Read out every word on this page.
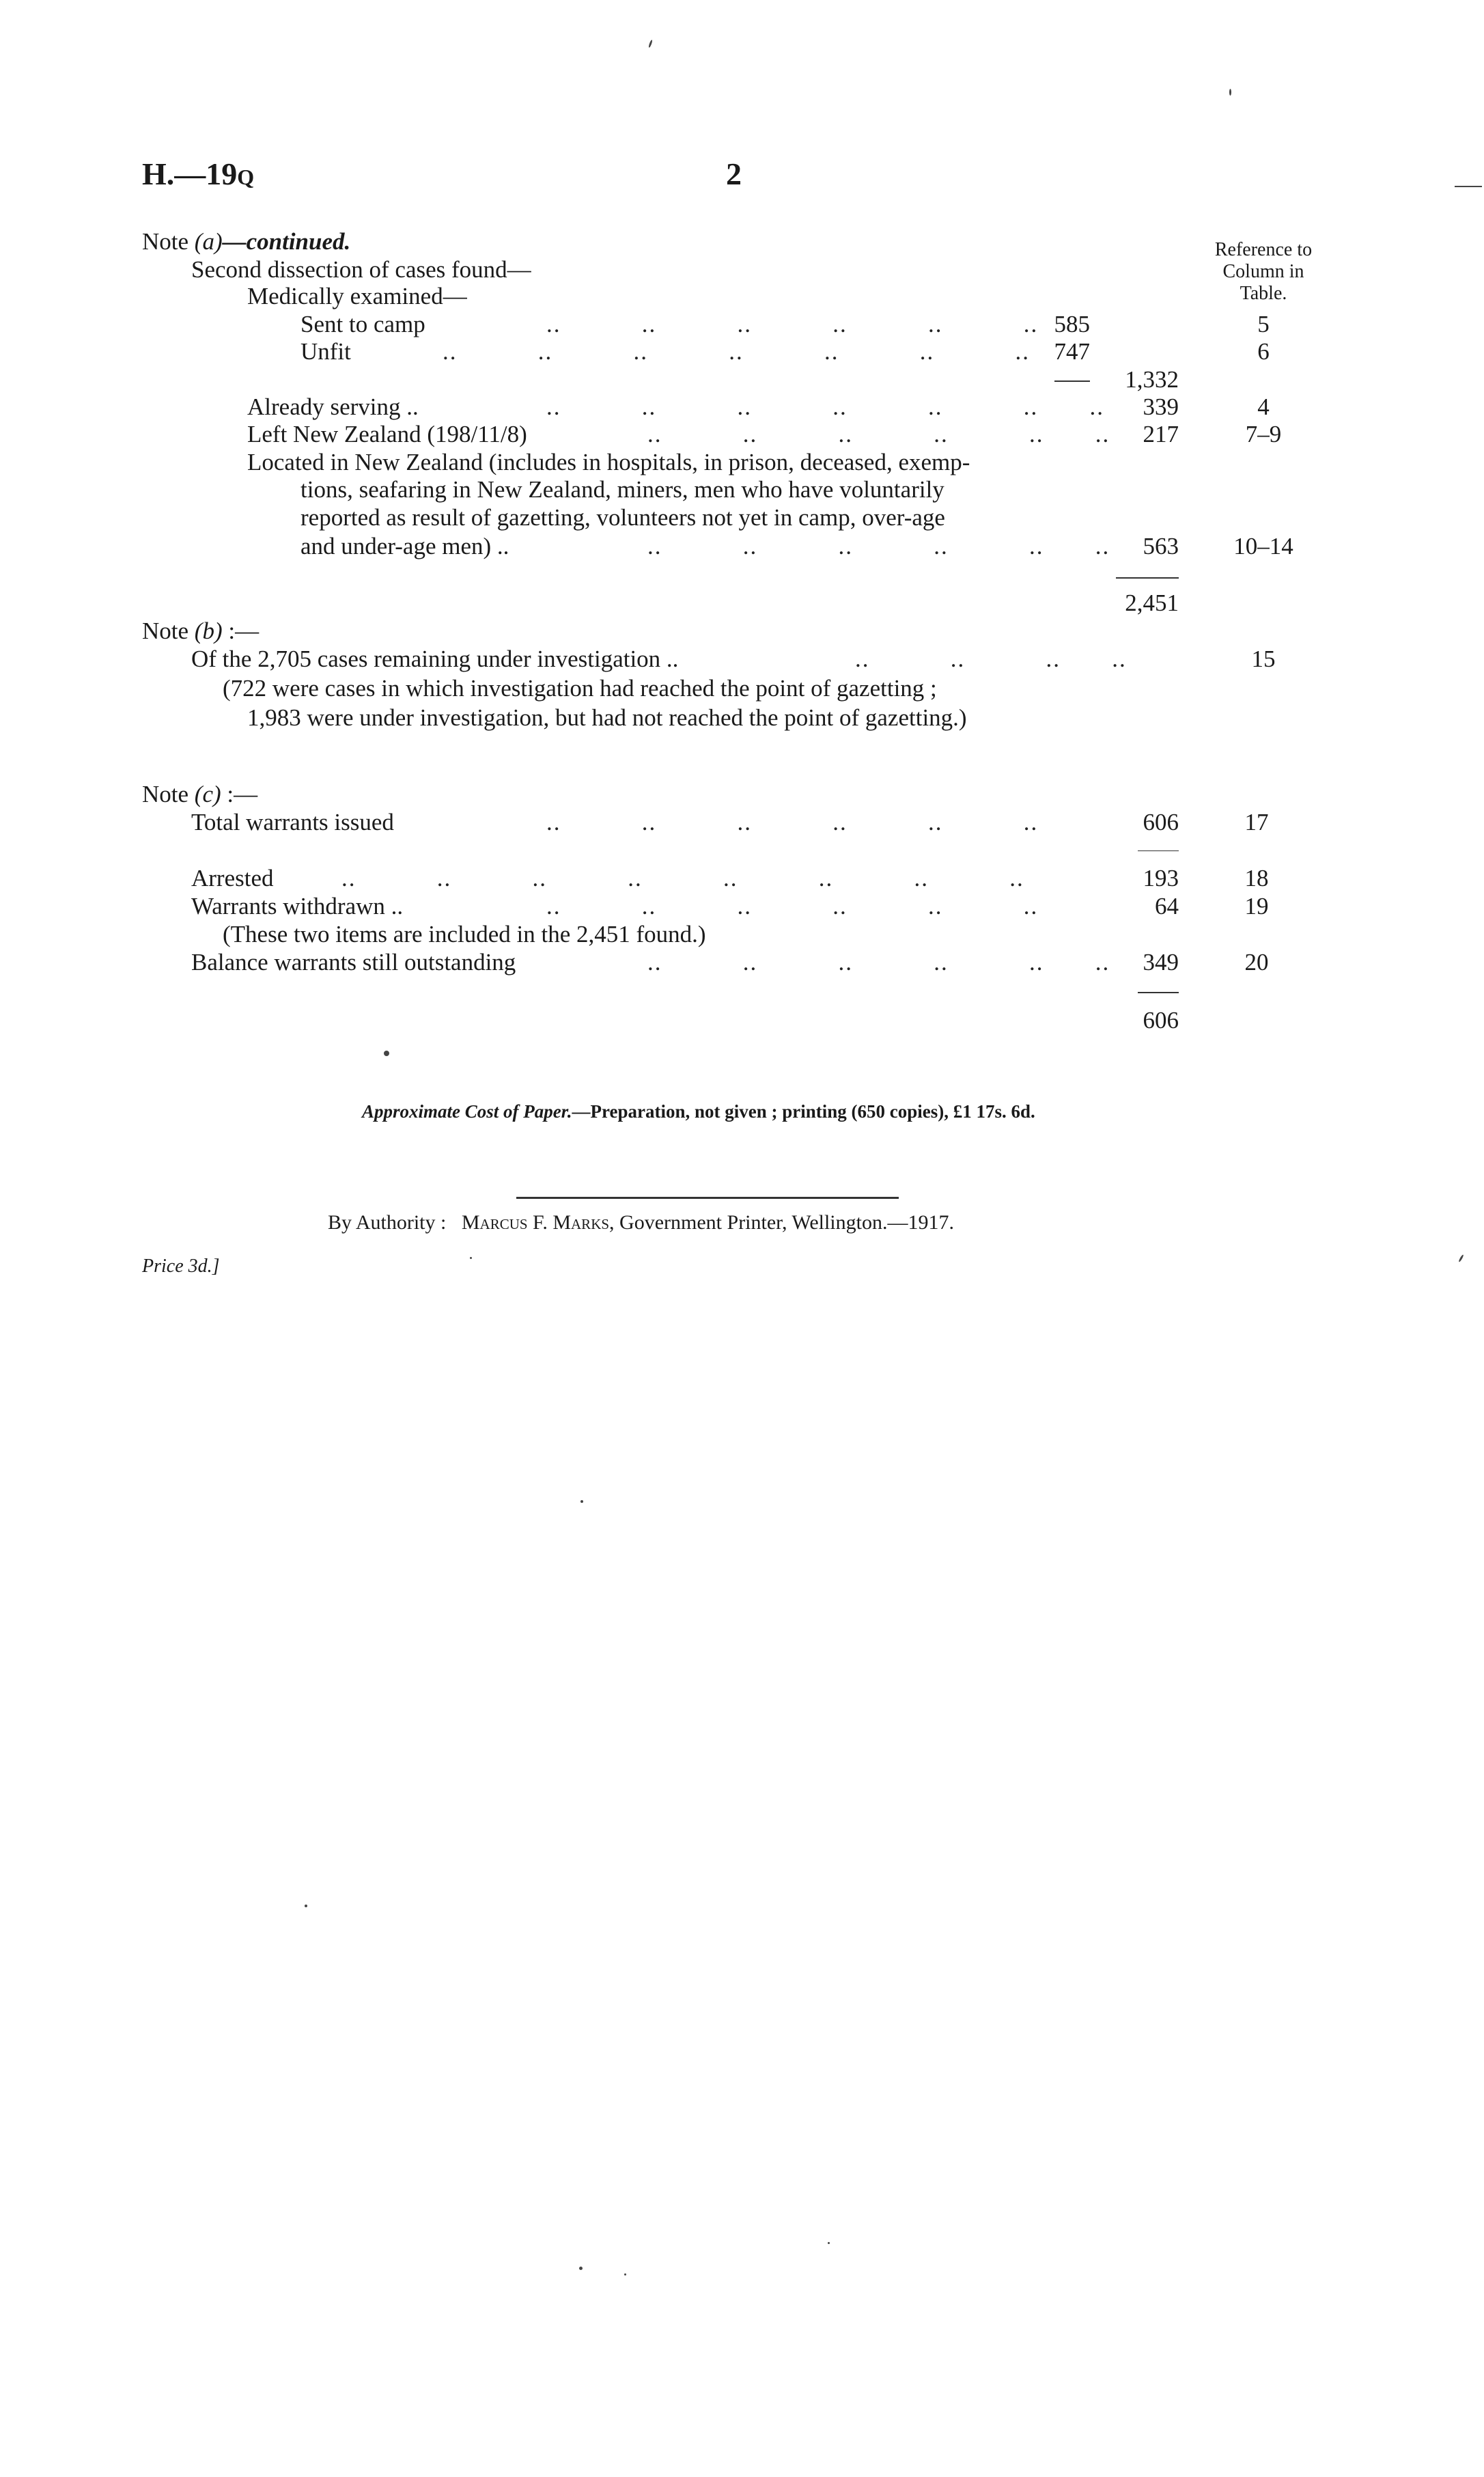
H.—19Q	2
Reference to
Column in
Table.
Note (a)—continued.
Second dissection of cases found—
Medically examined—
Sent to camp	..           ..           ..           ..           ..           .. 585	5
Unfit	..           ..           ..           ..           ..           ..           ..	747	6
1,332
Already serving ..	..           ..           ..           ..           ..           ..       ..	339	4
Left New Zealand (198/11/8)	..           ..           ..           ..           ..       ..	217	7–9
Located in New Zealand (includes in hospitals, in prison, deceased, exemp-
tions, seafaring in New Zealand, miners, men who have voluntarily
reported as result of gazetting, volunteers not yet in camp, over-age
and under-age men) ..	..           ..           ..           ..           ..       ..	563	10–14
2,451
Note (b) :—
Of the 2,705 cases remaining under investigation ..	..           ..           ..       ..	15
(722 were cases in which investigation had reached the point of gazetting ;
1,983 were under investigation, but had not reached the point of gazetting.)
Note (c) :—
Total warrants issued	..           ..           ..           ..           ..           ..	606	17
Arrested	..           ..           ..           ..           ..           ..           ..           ..	193	18
Warrants withdrawn ..	..           ..           ..           ..           ..           ..	64	19
(These two items are included in the 2,451 found.)
Balance warrants still outstanding	..           ..           ..           ..           ..       ..	349	20
606
Approximate Cost of Paper.—Preparation, not given ; printing (650 copies), £1 17s. 6d.
By Authority : Marcus F. Marks, Government Printer, Wellington.—1917.
Price 3d.]
